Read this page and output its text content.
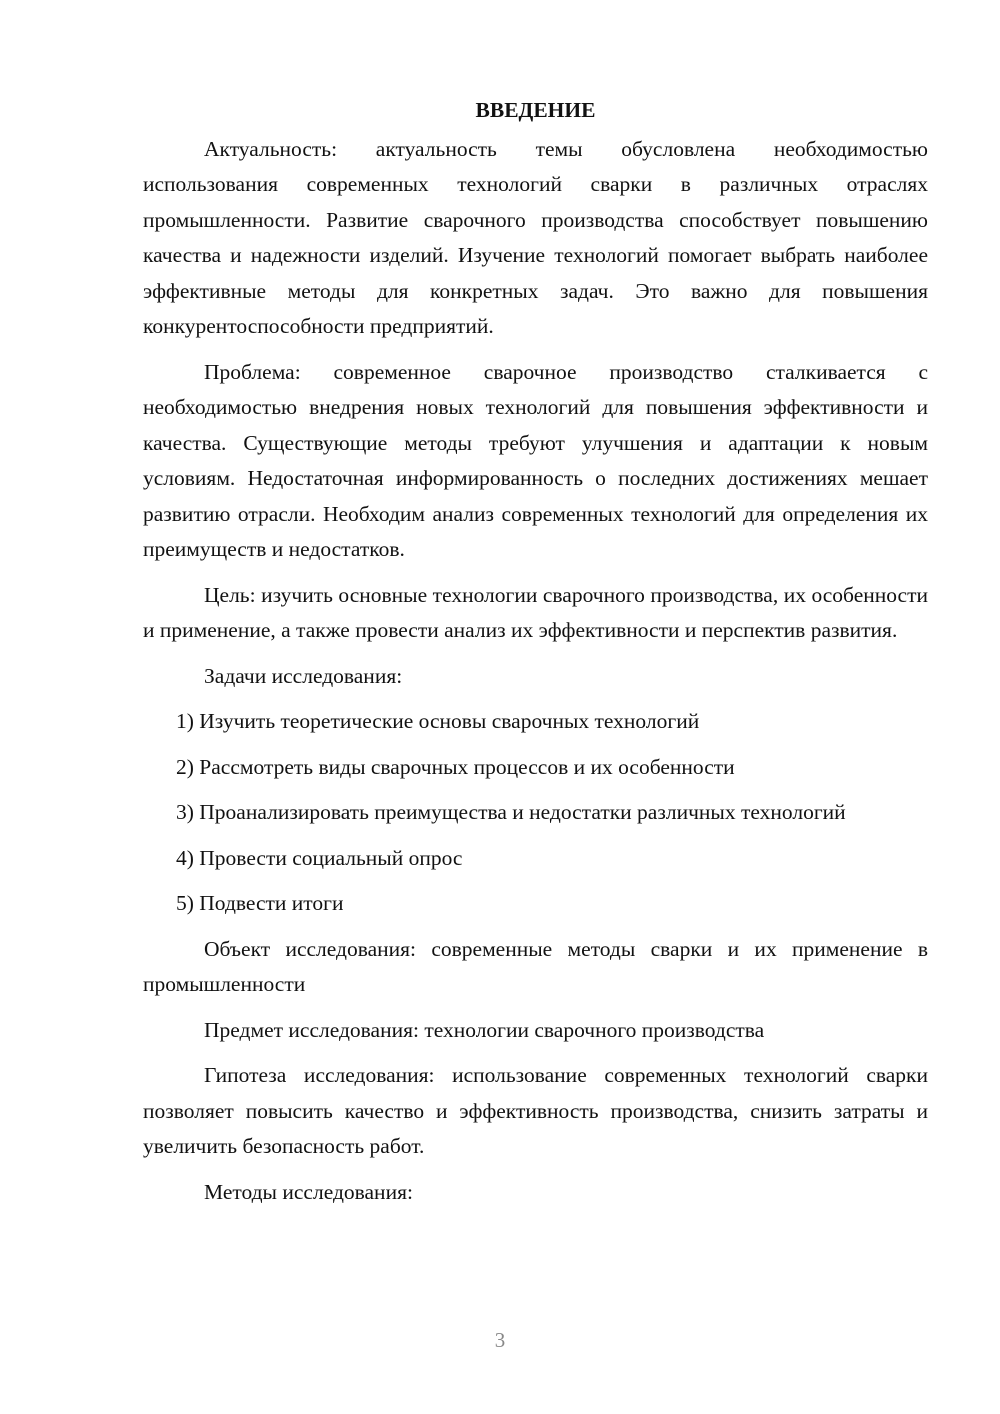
ВВЕДЕНИЕ

Актуальность: актуальность темы обусловлена необходимостью использования современных технологий сварки в различных отраслях промышленности. Развитие сварочного производства способствует повышению качества и надежности изделий. Изучение технологий помогает выбрать наиболее эффективные методы для конкретных задач. Это важно для повышения конкурентоспособности предприятий.

Проблема: современное сварочное производство сталкивается с необходимостью внедрения новых технологий для повышения эффективности и качества. Существующие методы требуют улучшения и адаптации к новым условиям. Недостаточная информированность о последних достижениях мешает развитию отрасли. Необходим анализ современных технологий для определения их преимуществ и недостатков.

Цель: изучить основные технологии сварочного производства, их особенности и применение, а также провести анализ их эффективности и перспектив развития.

Задачи исследования:

1) Изучить теоретические основы сварочных технологий

2) Рассмотреть виды сварочных процессов и их особенности

3) Проанализировать преимущества и недостатки различных технологий

4) Провести социальный опрос

5) Подвести итоги

Объект исследования: современные методы сварки и их применение в промышленности

Предмет исследования: технологии сварочного производства

Гипотеза исследования: использование современных технологий сварки позволяет повысить качество и эффективность производства, снизить затраты и увеличить безопасность работ.

Методы исследования:

3
